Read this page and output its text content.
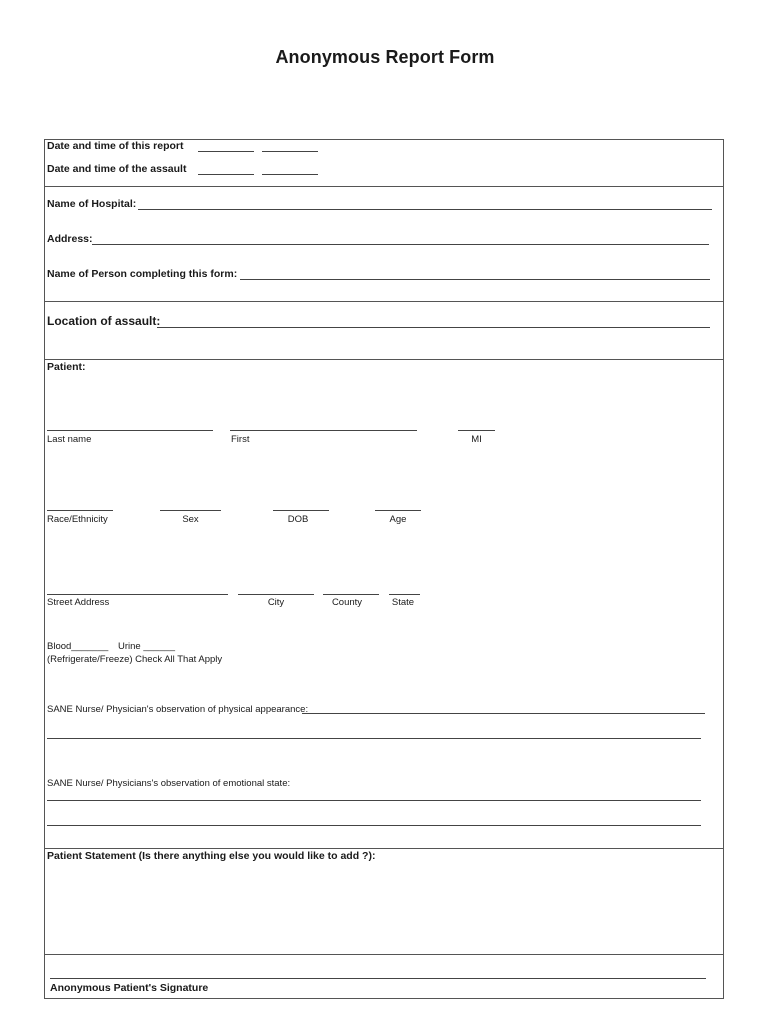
Anonymous Report Form
Date and time of this report
Date and time of the assault
Name of Hospital:
Address:
Name of Person completing this form:
Location of assault:
Patient:
Last name	First	MI
Race/Ethnicity	Sex	DOB	Age
Street Address	City	County	State
Blood_______ Urine ______
(Refrigerate/Freeze) Check All That Apply
SANE Nurse/ Physician's observation of physical appearance:
SANE Nurse/ Physicians's observation of emotional state:
Patient Statement (Is there anything else you would like to add ?):
Anonymous Patient's Signature
